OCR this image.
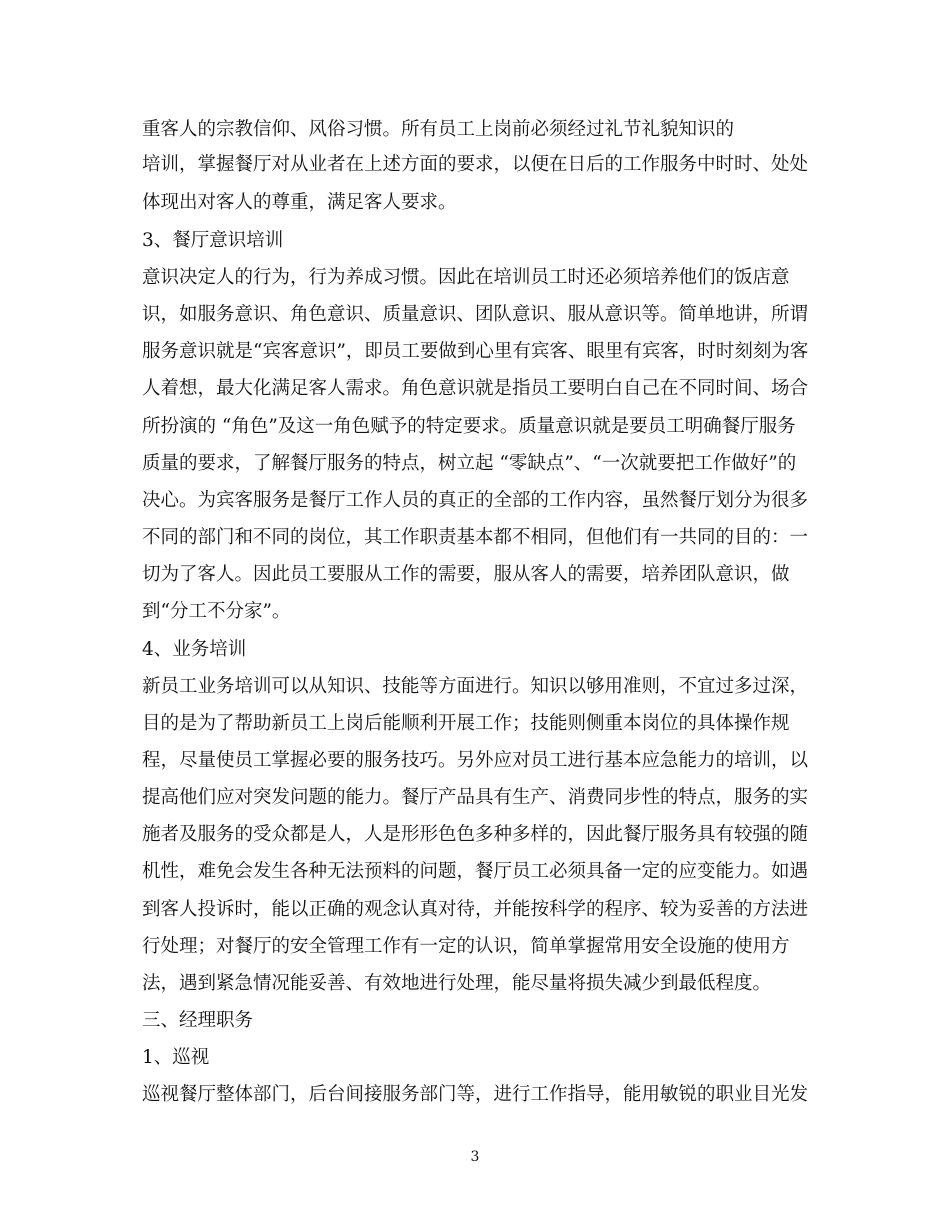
重客人的宗教信仰、风俗习惯。所有员工上岗前必须经过礼节礼貌知识的
培训，掌握餐厅对从业者在上述方面的要求，以便在日后的工作服务中时时、处处
体现出对客人的尊重，满足客人要求。
3、餐厅意识培训
意识决定人的行为，行为养成习惯。因此在培训员工时还必须培养他们的饭店意
识，如服务意识、角色意识、质量意识、团队意识、服从意识等。简单地讲，所谓
服务意识就是“宾客意识”，即员工要做到心里有宾客、眼里有宾客，时时刻刻为客
人着想，最大化满足客人需求。角色意识就是指员工要明白自己在不同时间、场合
所扮演的 “角色”及这一角色赋予的特定要求。质量意识就是要员工明确餐厅服务
质量的要求，了解餐厅服务的特点，树立起 “零缺点”、“一次就要把工作做好”的
决心。为宾客服务是餐厅工作人员的真正的全部的工作内容，虽然餐厅划分为很多
不同的部门和不同的岗位，其工作职责基本都不相同，但他们有一共同的目的：一
切为了客人。因此员工要服从工作的需要，服从客人的需要，培养团队意识，做
到“分工不分家”。
4、业务培训
新员工业务培训可以从知识、技能等方面进行。知识以够用准则，不宜过多过深，
目的是为了帮助新员工上岗后能顺利开展工作；技能则侧重本岗位的具体操作规
程，尽量使员工掌握必要的服务技巧。另外应对员工进行基本应急能力的培训，以
提高他们应对突发问题的能力。餐厅产品具有生产、消费同步性的特点，服务的实
施者及服务的受众都是人，人是形形色色多种多样的，因此餐厅服务具有较强的随
机性，难免会发生各种无法预料的问题，餐厅员工必须具备一定的应变能力。如遇
到客人投诉时，能以正确的观念认真对待，并能按科学的程序、较为妥善的方法进
行处理；对餐厅的安全管理工作有一定的认识，简单掌握常用安全设施的使用方
法，遇到紧急情况能妥善、有效地进行处理，能尽量将损失减少到最低程度。
三、经理职务
1、巡视
巡视餐厅整体部门，后台间接服务部门等，进行工作指导，能用敏锐的职业目光发
3
